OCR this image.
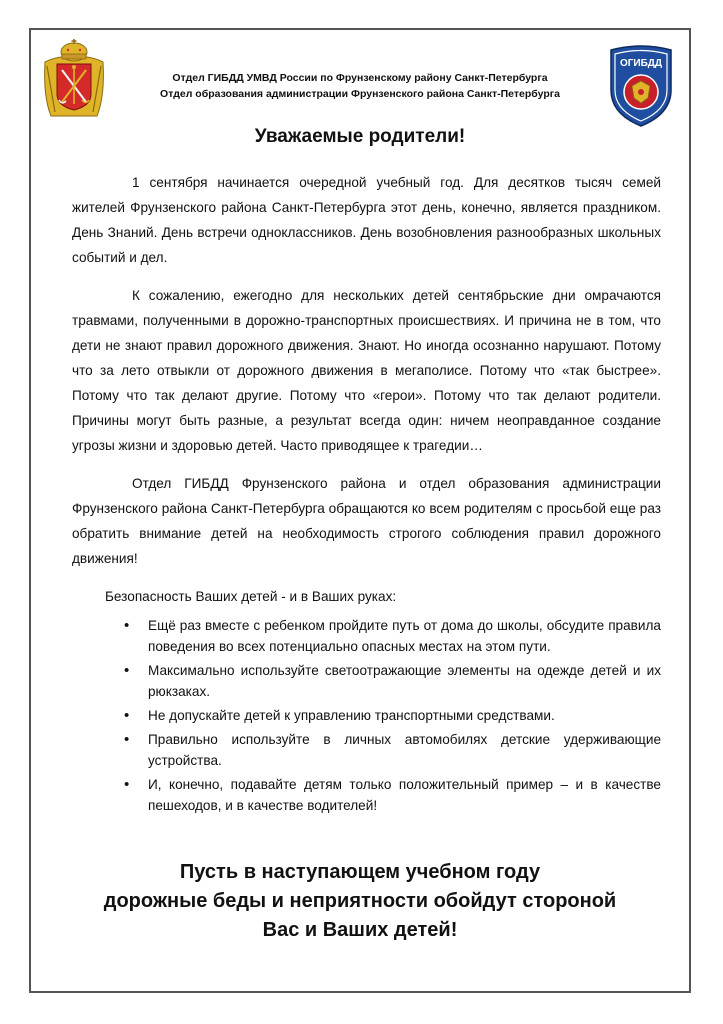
Отдел ГИБДД УМВД России по Фрунзенскому району Санкт-Петербурга
Отдел образования администрации Фрунзенского района Санкт-Петербурга
ОГИБДД
Уважаемые родители!

1 сентября начинается очередной учебный год. Для десятков тысяч семей жителей Фрунзенского района Санкт-Петербурга этот день, конечно, является праздником. День Знаний. День встречи одноклассников. День возобновления разнообразных школьных событий и дел.

К сожалению, ежегодно для нескольких детей сентябрьские дни омрачаются травмами, полученными в дорожно-транспортных происшествиях. И причина не в том, что дети не знают правил дорожного движения. Знают. Но иногда осознанно нарушают. Потому что за лето отвыкли от дорожного движения в мегаполисе. Потому что «так быстрее». Потому что так делают другие. Потому что «герои». Потому что так делают родители. Причины могут быть разные, а результат всегда один: ничем неоправданное создание угрозы жизни и здоровью детей. Часто приводящее к трагедии…

Отдел ГИБДД Фрунзенского района и отдел образования администрации Фрунзенского района Санкт-Петербурга обращаются ко всем родителям с просьбой еще раз обратить внимание детей на необходимость строгого соблюдения правил дорожного движения!

Безопасность Ваших детей - и в Ваших руках:

• Ещё раз вместе с ребенком пройдите путь от дома до школы, обсудите правила поведения во всех потенциально опасных местах на этом пути.
• Максимально используйте светоотражающие элементы на одежде детей и их рюкзаках.
• Не допускайте детей к управлению транспортными средствами.
• Правильно используйте в личных автомобилях детские удерживающие устройства.
• И, конечно, подавайте детям только положительный пример – и в качестве пешеходов, и в качестве водителей!
Пусть в наступающем учебном году
дорожные беды и неприятности обойдут стороной
Вас и Ваших детей!
